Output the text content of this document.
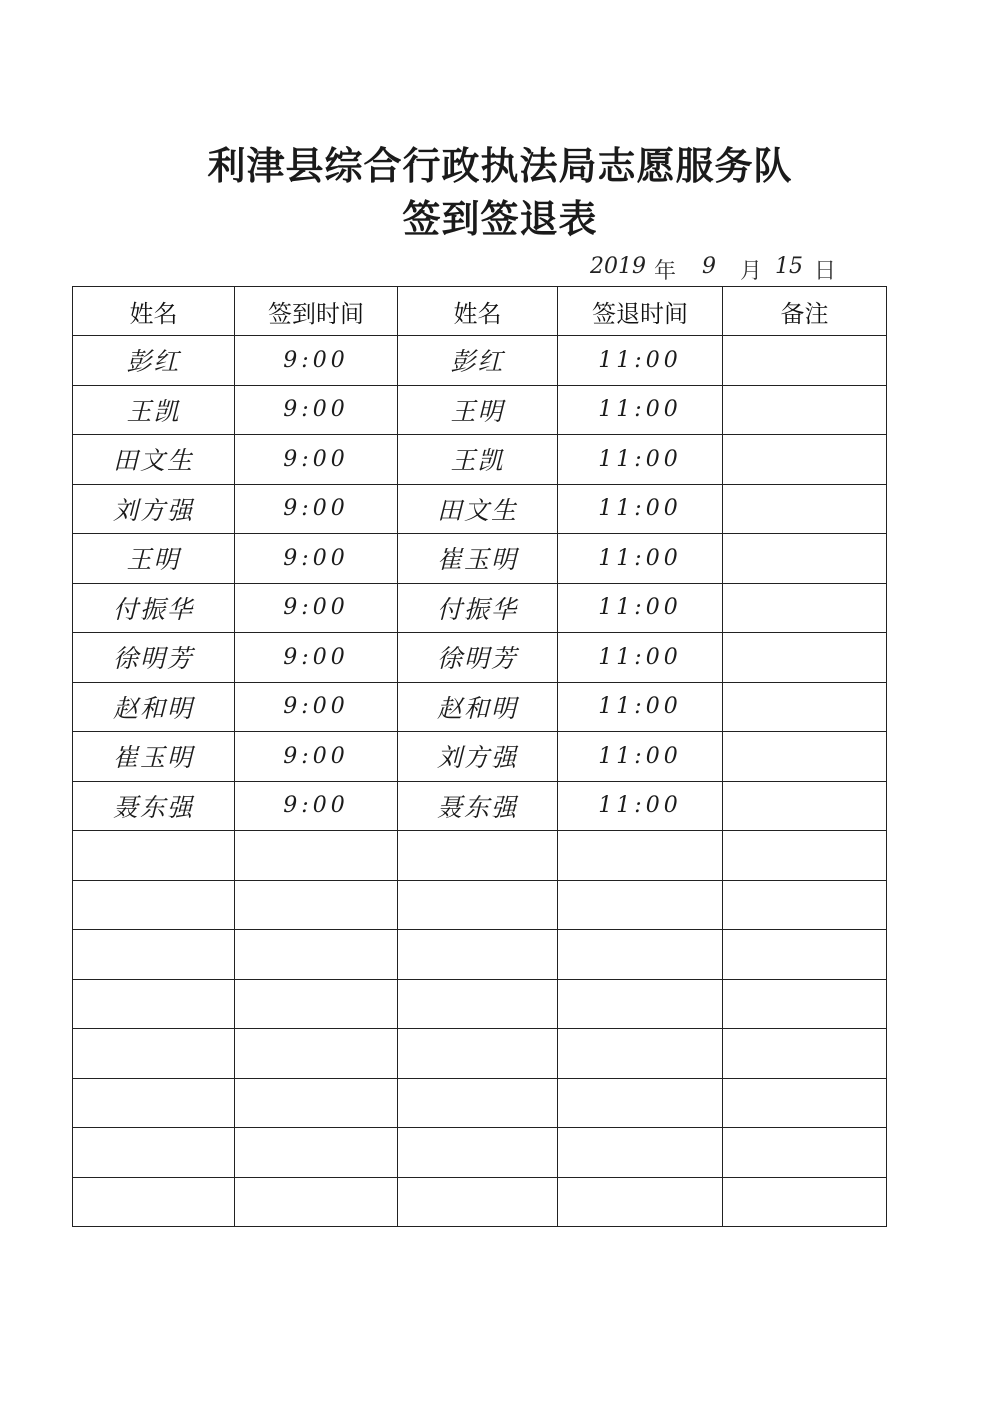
利津县综合行政执法局志愿服务队
签到签退表
2019 年 9 月 15 日
姓名	签到时间	姓名	签退时间	备注
彭红	9:00	彭红	11:00	
王凯	9:00	王明	11:00	
田文生	9:00	王凯	11:00	
刘方强	9:00	田文生	11:00	
王明	9:00	崔玉明	11:00	
付振华	9:00	付振华	11:00	
徐明芳	9:00	徐明芳	11:00	
赵和明	9:00	赵和明	11:00	
崔玉明	9:00	刘方强	11:00	
聂东强	9:00	聂东强	11:00	
